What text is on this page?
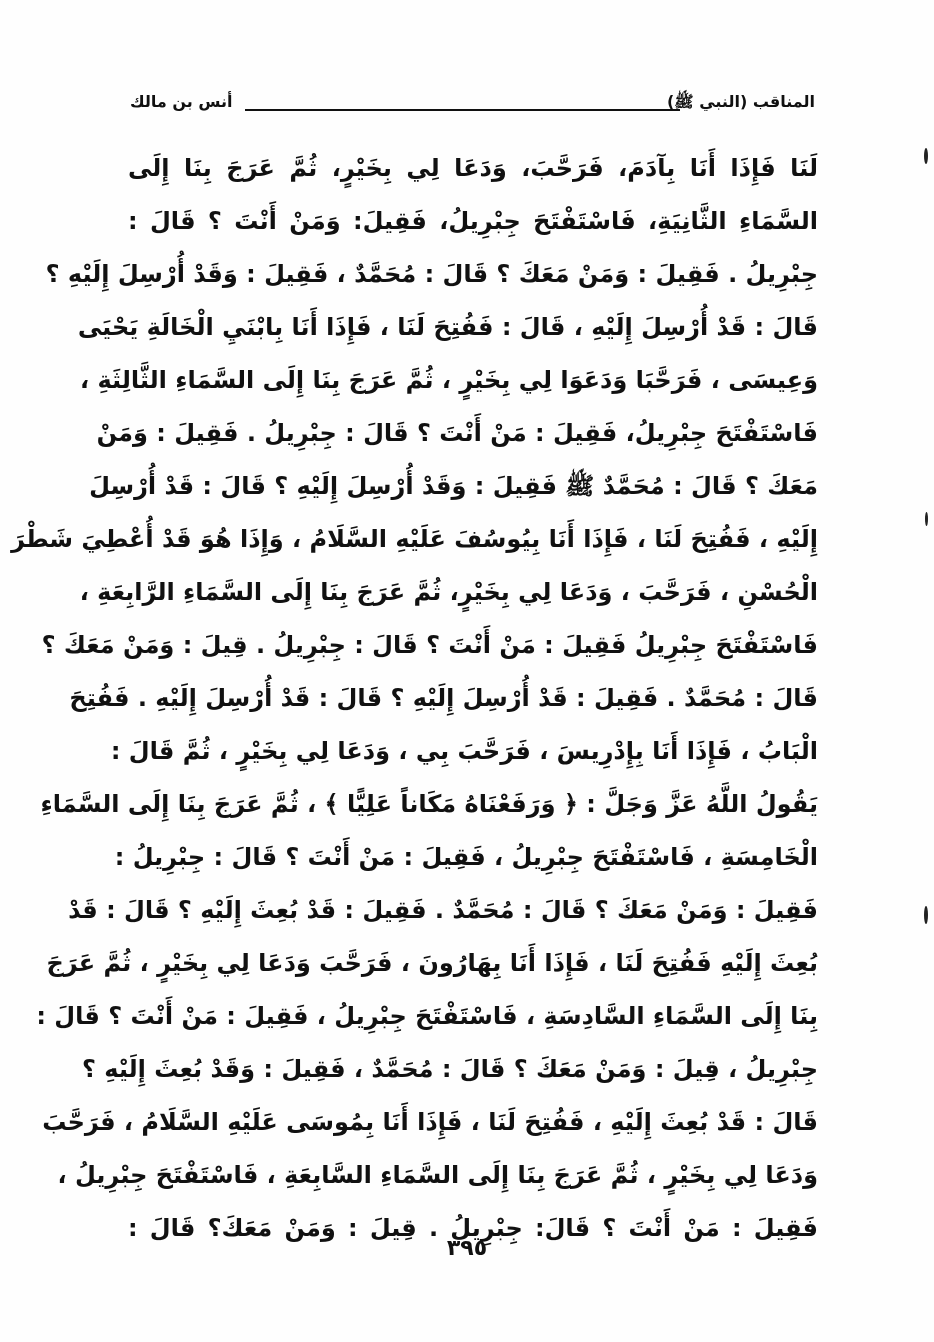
المناقب (النبي ﷺ)
أنس بن مالك
لَنَا فَإِذَا أَنَا بِآدَمَ، فَرَحَّبَ، وَدَعَا لِي بِخَيْرٍ، ثُمَّ عَرَجَ بِنَا إِلَى
السَّمَاءِ الثَّانِيَةِ، فَاسْتَفْتَحَ جِبْرِيلُ، فَقِيلَ: وَمَنْ أَنْتَ ؟ قَالَ :
جِبْرِيلُ . فَقِيلَ : وَمَنْ مَعَكَ ؟ قَالَ : مُحَمَّدٌ ، فَقِيلَ : وَقَدْ أُرْسِلَ إِلَيْهِ ؟
قَالَ : قَدْ أُرْسِلَ إِلَيْهِ ، قَالَ : فَفُتِحَ لَنَا ، فَإِذَا أَنَا بِابْنَيِ الْخَالَةِ يَحْيَى
وَعِيسَى ، فَرَحَّبَا وَدَعَوَا لِي بِخَيْرٍ ، ثُمَّ عَرَجَ بِنَا إِلَى السَّمَاءِ الثَّالِثَةِ ،
فَاسْتَفْتَحَ جِبْرِيلُ، فَقِيلَ : مَنْ أَنْتَ ؟ قَالَ : جِبْرِيلُ . فَقِيلَ : وَمَنْ
مَعَكَ ؟ قَالَ : مُحَمَّدٌ ﷺ فَقِيلَ : وَقَدْ أُرْسِلَ إِلَيْهِ ؟ قَالَ : قَدْ أُرْسِلَ
إِلَيْهِ ، فَفُتِحَ لَنَا ، فَإِذَا أَنَا بِيُوسُفَ عَلَيْهِ السَّلَامُ ، وَإِذَا هُوَ قَدْ أُعْطِيَ شَطْرَ
الْحُسْنِ ، فَرَحَّبَ ، وَدَعَا لِي بِخَيْرٍ، ثُمَّ عَرَجَ بِنَا إِلَى السَّمَاءِ الرَّابِعَةِ ،
فَاسْتَفْتَحَ جِبْرِيلُ فَقِيلَ : مَنْ أَنْتَ ؟ قَالَ : جِبْرِيلُ . قِيلَ : وَمَنْ مَعَكَ ؟
قَالَ : مُحَمَّدٌ . فَقِيلَ : قَدْ أُرْسِلَ إِلَيْهِ ؟ قَالَ : قَدْ أُرْسِلَ إِلَيْهِ . فَفُتِحَ
الْبَابُ ، فَإِذَا أَنَا بِإِدْرِيسَ ، فَرَحَّبَ بِي ، وَدَعَا لِي بِخَيْرٍ ، ثُمَّ قَالَ :
يَقُولُ اللَّهُ عَزَّ وَجَلَّ : ﴿ وَرَفَعْنَاهُ مَكَاناً عَلِيًّا ﴾ ، ثُمَّ عَرَجَ بِنَا إِلَى السَّمَاءِ
الْخَامِسَةِ ، فَاسْتَفْتَحَ جِبْرِيلُ ، فَقِيلَ : مَنْ أَنْتَ ؟ قَالَ : جِبْرِيلُ :
فَقِيلَ : وَمَنْ مَعَكَ ؟ قَالَ : مُحَمَّدٌ . فَقِيلَ : قَدْ بُعِثَ إِلَيْهِ ؟ قَالَ : قَدْ
بُعِثَ إِلَيْهِ فَفُتِحَ لَنَا ، فَإِذَا أَنَا بِهَارُونَ ، فَرَحَّبَ وَدَعَا لِي بِخَيْرٍ ، ثُمَّ عَرَجَ
بِنَا إِلَى السَّمَاءِ السَّادِسَةِ ، فَاسْتَفْتَحَ جِبْرِيلُ ، فَقِيلَ : مَنْ أَنْتَ ؟ قَالَ :
جِبْرِيلُ ، قِيلَ : وَمَنْ مَعَكَ ؟ قَالَ : مُحَمَّدٌ ، فَقِيلَ : وَقَدْ بُعِثَ إِلَيْهِ ؟
قَالَ : قَدْ بُعِثَ إِلَيْهِ ، فَفُتِحَ لَنَا ، فَإِذَا أَنَا بِمُوسَى عَلَيْهِ السَّلَامُ ، فَرَحَّبَ
وَدَعَا لِي بِخَيْرٍ ، ثُمَّ عَرَجَ بِنَا إِلَى السَّمَاءِ السَّابِعَةِ ، فَاسْتَفْتَحَ جِبْرِيلُ ،
فَقِيلَ : مَنْ أَنْتَ ؟ قَالَ: جِبْرِيلُ . قِيلَ : وَمَنْ مَعَكَ؟ قَالَ :
٣٩٥
